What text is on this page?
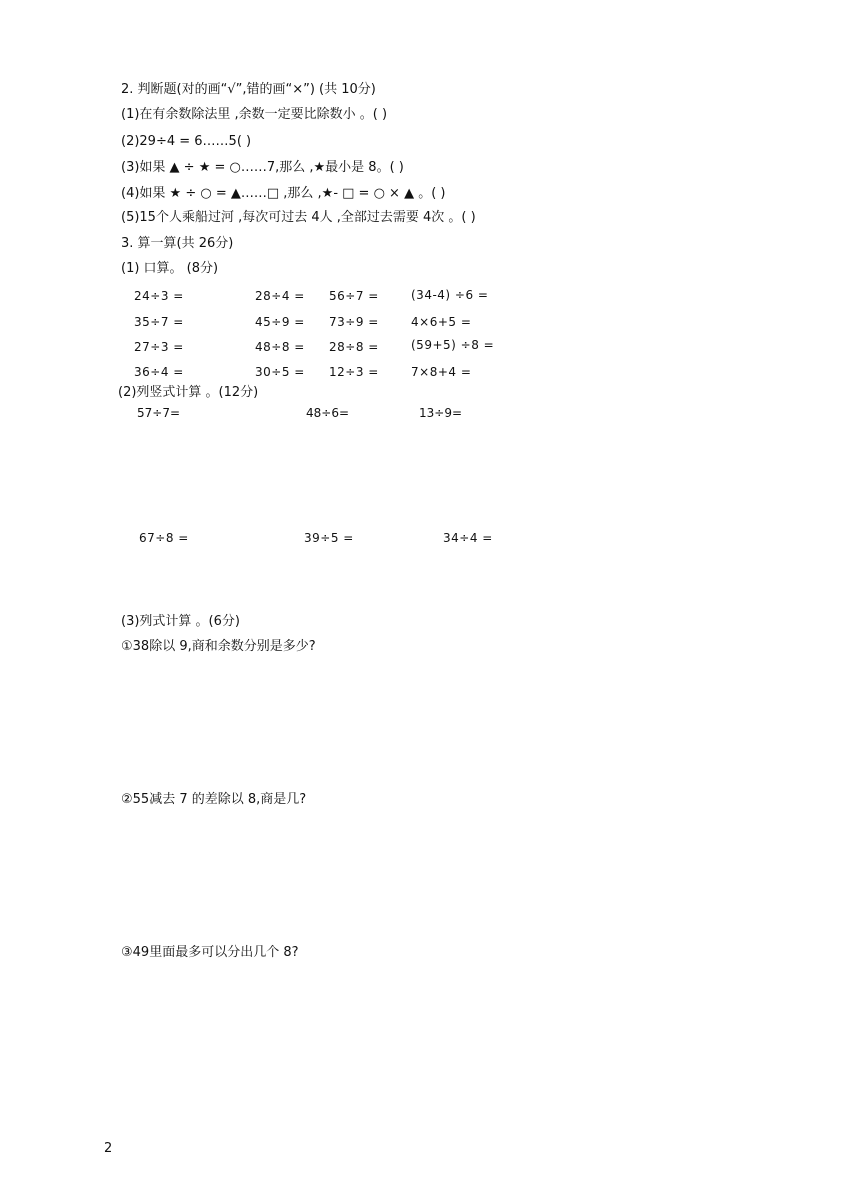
2. 判断题(对的画“√”,错的画“×”) (共 10分)
(1)在有余数除法里 ,余数一定要比除数小 。( )
(2)29÷4 = 6……5( )
(3)如果 ▲ ÷ ★ = ○……7,那么 ,★最小是 8。( )
(4)如果 ★ ÷ ○ = ▲……□ ,那么 ,★- □ = ○ × ▲ 。( )
(5)15个人乘船过河 ,每次可过去 4人 ,全部过去需要 4次 。( )
3. 算一算(共 26分)
(1) 口算。 (8分)
24÷3 =	28÷4 = 56÷7 =	(34-4) ÷6 =
35÷7 =	45÷9 = 73÷9 =	4×6+5 =
27÷3 =	48÷8 = 28÷8 =	(59+5) ÷8 =
36÷4 =	30÷5 = 12÷3 =	7×8+4 =
(2)列竖式计算 。(12分)
57÷7=	48÷6=	13÷9=
67÷8 =	39÷5 =	34÷4 =
(3)列式计算 。(6分)
①38除以 9,商和余数分别是多少?
②55减去 7 的差除以 8,商是几?
③49里面最多可以分出几个 8?
2
